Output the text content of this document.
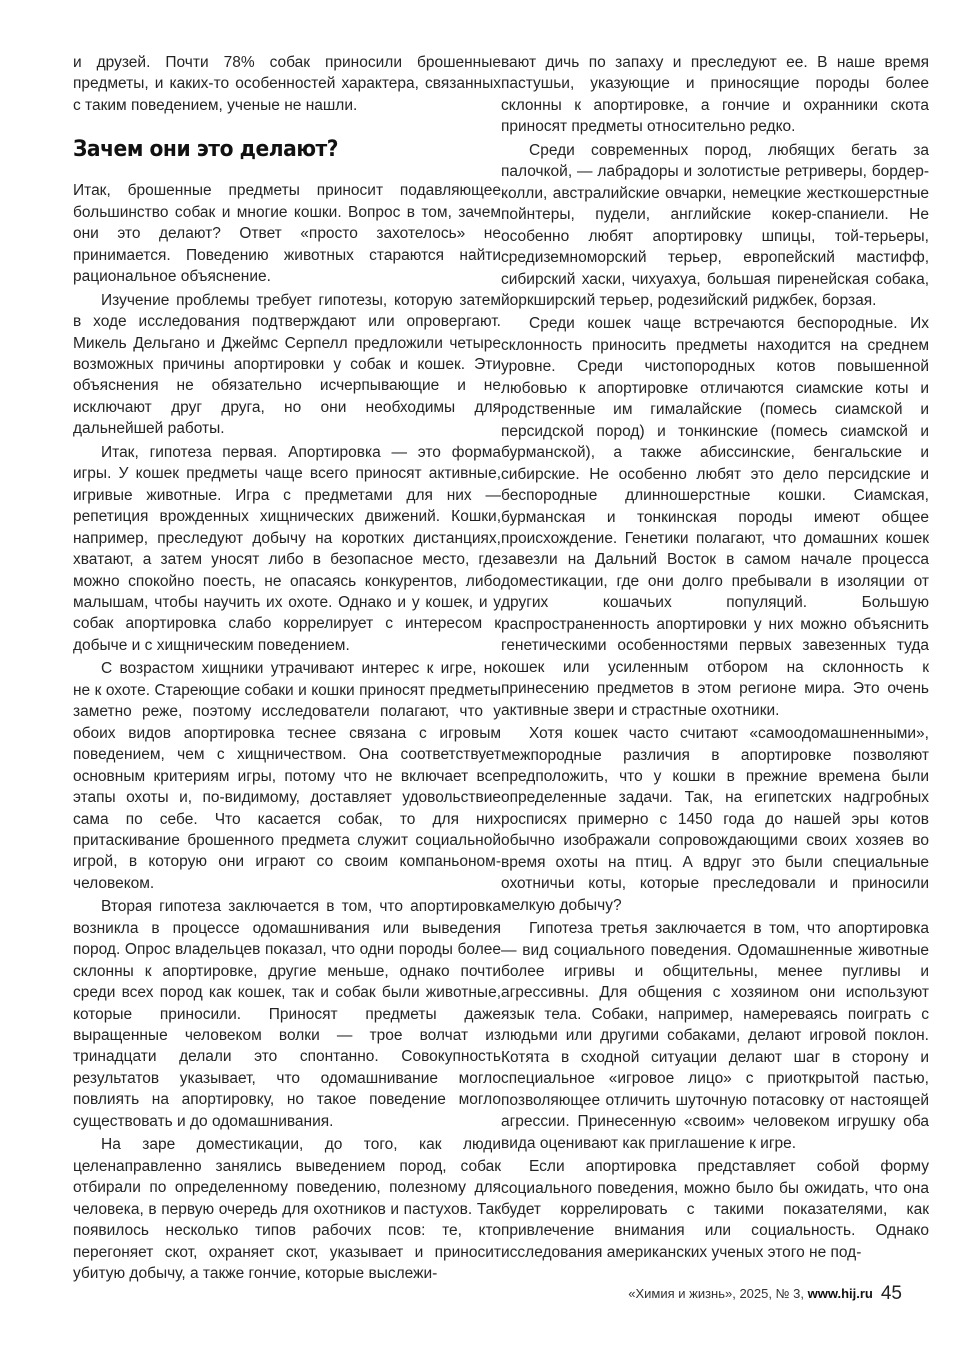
и друзей. Почти 78% собак приносили брошенные предметы, и каких-то особенностей характера, связанных с таким поведением, ученые не нашли.

Зачем они это делают?

Итак, брошенные предметы приносит подавляющее большинство собак и многие кошки. Вопрос в том, зачем они это делают? Ответ «просто захотелось» не принимается. Поведению животных стараются найти рациональное объяснение.

Изучение проблемы требует гипотезы, которую затем в ходе исследования подтверждают или опровергают. Микель Дельгано и Джеймс Серпелл предложили четыре возможных причины апортировки у собак и кошек. Эти объяснения не обязательно исчерпывающие и не исключают друг друга, но они необходимы для дальнейшей работы.

Итак, гипотеза первая. Апортировка — это форма игры. У кошек предметы чаще всего приносят активные, игривые животные. Игра с предметами для них — репетиция врожденных хищнических движений. Кошки, например, преследуют добычу на коротких дистанциях, хватают, а затем уносят либо в безопасное место, где можно спокойно поесть, не опасаясь конкурентов, либо малышам, чтобы научить их охоте. Однако и у кошек, и у собак апортировка слабо коррелирует с интересом к добыче и с хищническим поведением.

С возрастом хищники утрачивают интерес к игре, но не к охоте. Стареющие собаки и кошки приносят предметы заметно реже, поэтому исследователи полагают, что у обоих видов апортировка теснее связана с игровым поведением, чем с хищничеством. Она соответствует основным критериям игры, потому что не включает все этапы охоты и, по-видимому, доставляет удовольствие сама по себе. Что касается собак, то для них притаскивание брошенного предмета служит социальной игрой, в которую они играют со своим компаньоном-человеком.

Вторая гипотеза заключается в том, что апортировка возникла в процессе одомашнивания или выведения пород. Опрос владельцев показал, что одни породы более склонны к апортировке, другие меньше, однако почти среди всех пород как кошек, так и собак были животные, которые приносили. Приносят предметы даже выращенные человеком волки — трое волчат из тринадцати делали это спонтанно. Совокупность результатов указывает, что одомашнивание могло повлиять на апортировку, но такое поведение могло существовать и до одомашнивания.

На заре доместикации, до того, как люди целенаправленно занялись выведением пород, собак отбирали по определенному поведению, полезному для человека, в первую очередь для охотников и пастухов. Так появилось несколько типов рабочих псов: те, кто перегоняет скот, охраняет скот, указывает и приносит убитую добычу, а также гончие, которые выслежи-

вают дичь по запаху и преследуют ее. В наше время пастушьи, указующие и приносящие породы более склонны к апортировке, а гончие и охранники скота приносят предметы относительно редко.

Среди современных пород, любящих бегать за палочкой, — лабрадоры и золотистые ретриверы, бордер-колли, австралийские овчарки, немецкие жесткошерстные пойнтеры, пудели, английские кокер-спаниели. Не особенно любят апортировку шпицы, той-терьеры, средиземноморский терьер, европейский мастифф, сибирский хаски, чихуахуа, большая пиренейская собака, йоркширский терьер, родезийский риджбек, борзая.

Среди кошек чаще встречаются беспородные. Их склонность приносить предметы находится на среднем уровне. Среди чистопородных котов повышенной любовью к апортировке отличаются сиамские коты и родственные им гималайские (помесь сиамской и персидской пород) и тонкинские (помесь сиамской и бурманской), а также абиссинские, бенгальские и сибирские. Не особенно любят это дело персидские и беспородные длинношерстные кошки. Сиамская, бурманская и тонкинская породы имеют общее происхождение. Генетики полагают, что домашних кошек завезли на Дальний Восток в самом начале процесса доместикации, где они долго пребывали в изоляции от других кошачьих популяций. Большую распространенность апортировки у них можно объяснить генетическими особенностями первых завезенных туда кошек или усиленным отбором на склонность к принесению предметов в этом регионе мира. Это очень активные звери и страстные охотники.

Хотя кошек часто считают «самоодомашненными», межпородные различия в апортировке позволяют предположить, что у кошки в прежние времена были определенные задачи. Так, на египетских надгробных росписях примерно с 1450 года до нашей эры котов обычно изображали сопровождающими своих хозяев во время охоты на птиц. А вдруг это были специальные охотничьи коты, которые преследовали и приносили мелкую добычу?

Гипотеза третья заключается в том, что апортировка — вид социального поведения. Одомашненные животные более игривы и общительны, менее пугливы и агрессивны. Для общения с хозяином они используют язык тела. Собаки, например, намереваясь поиграть с людьми или другими собаками, делают игровой поклон. Котята в сходной ситуации делают шаг в сторону и специальное «игровое лицо» с приоткрытой пастью, позволяющее отличить шуточную потасовку от настоящей агрессии. Принесенную «своим» человеком игрушку оба вида оценивают как приглашение к игре.

Если апортировка представляет собой форму социального поведения, можно было бы ожидать, что она будет коррелировать с такими показателями, как привлечение внимания или социальность. Однако исследования американских ученых этого не под-

«Химия и жизнь», 2025, № 3, www.hij.ru 45
